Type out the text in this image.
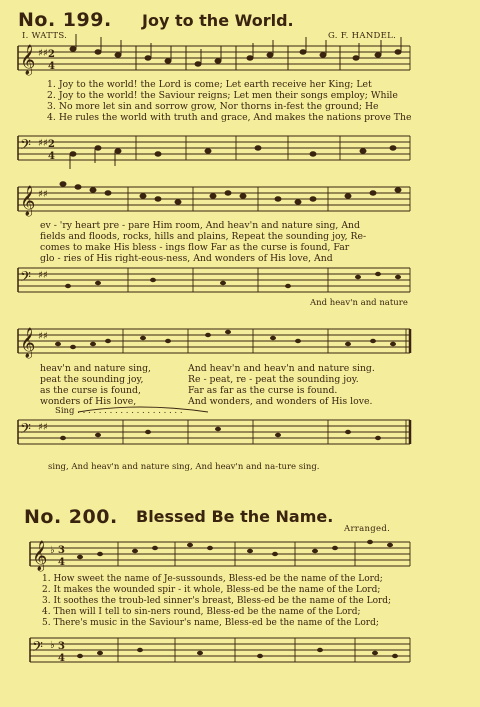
No. 199. Joy to the World.
I. WATTS.	G. F. HANDEL.
𝄞 ♯♯ 2
4
1. Joy to the world! the Lord is come; Let earth receive her King; Let
2. Joy to the world! the Saviour reigns; Let men their songs employ; While
3. No more let sin and sorrow grow, Nor thorns in-fest the ground; He
4. He rules the world with truth and grace, And makes the nations prove The
𝄢 ♯♯ 2
4
𝄞 ♯♯
ev - 'ry heart pre - pare Him room, And heav'n and nature sing, And
fields and floods, rocks, hills and plains, Repeat the sounding joy, Re-
comes to make His bless - ings flow Far as the curse is found, Far
glo - ries of His right-eous-ness, And wonders of His love, And
𝄢 ♯♯
And heav'n and nature
𝄞 ♯♯
heav'n and nature sing,
peat the sounding joy,
as the curse is found,
wonders of His love,
And heav'n and heav'n and nature sing.
Re - peat, re - peat the sounding joy.
Far as far as the curse is found.
And wonders, and wonders of His love.
Sing . . . . . . . . . . . . . . . . . . . .
𝄢 ♯♯
sing, And heav'n and nature sing, And heav'n and na-ture sing.
No. 200. Blessed Be the Name.
Arranged.
𝄞 ♭ 3
4
1. How sweet the name of Je-sussounds, Bless-ed be the name of the Lord;
2. It makes the wounded spir - it whole, Bless-ed be the name of the Lord;
3. It soothes the troub-led sinner's breast, Bless-ed be the name of the Lord;
4. Then will I tell to sin-ners round, Bless-ed be the name of the Lord;
5. There's music in the Saviour's name, Bless-ed be the name of the Lord;
𝄢 ♭ 3
4
